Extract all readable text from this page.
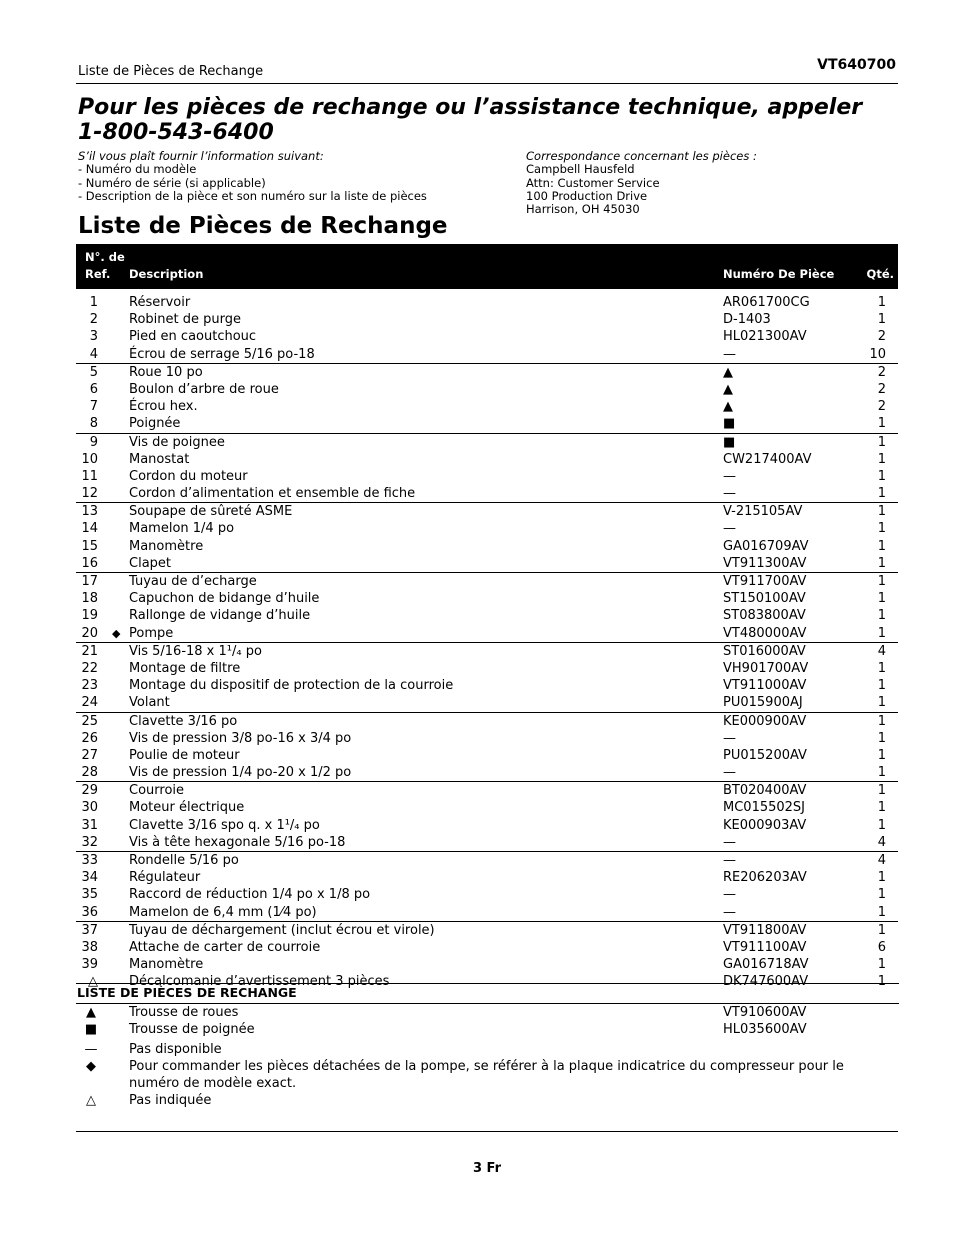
Liste de Pièces de Rechange	VT640700
Pour les pièces de rechange ou l’assistance technique, appeler 1-800-543-6400
S’il vous plaît fournir l’information suivant:
- Numéro du modèle
- Numéro de série (si applicable)
- Description de la pièce et son numéro sur la liste de pièces
Correspondance concernant les pièces :
Campbell Hausfeld
Attn: Customer Service
100 Production Drive
Harrison, OH 45030
Liste de Pièces de Rechange
N°. de
Ref. Description	Numéro De Pièce	Qté.
1 Réservoir	AR061700CG	1
2 Robinet de purge	D-1403	1
3 Pied en caoutchouc	HL021300AV	2
4 Écrou de serrage 5/16 po-18	—	10
5 Roue 10 po	▲	2
6 Boulon d’arbre de roue	▲	2
7 Écrou hex.	▲	2
8 Poignée	■	1
9 Vis de poignee	■	1
10 Manostat	CW217400AV	1
11 Cordon du moteur	—	1
12 Cordon d’alimentation et ensemble de fiche	—	1
13 Soupape de sûreté ASME	V-215105AV	1
14 Mamelon 1/4 po	—	1
15 Manomètre	GA016709AV	1
16 Clapet	VT911300AV	1
17 Tuyau de d’echarge	VT911700AV	1
18 Capuchon de bidange d’huile	ST150100AV	1
19 Rallonge de vidange d’huile	ST083800AV	1
20 ◆ Pompe	VT480000AV	1
21 Vis 5/16-18 x 1¹/₄ po	ST016000AV	4
22 Montage de filtre	VH901700AV	1
23 Montage du dispositif de protection de la courroie	VT911000AV	1
24 Volant	PU015900AJ	1
25 Clavette 3/16 po	KE000900AV	1
26 Vis de pression 3/8 po-16 x 3/4 po	—	1
27 Poulie de moteur	PU015200AV	1
28 Vis de pression 1/4 po-20 x 1/2 po	—	1
29 Courroie	BT020400AV	1
30 Moteur électrique	MC015502SJ	1
31 Clavette 3/16 spo q. x 1¹/₄ po	KE000903AV	1
32 Vis à tête hexagonale 5/16 po-18	—	4
33 Rondelle 5/16 po	—	4
34 Régulateur	RE206203AV	1
35 Raccord de réduction 1/4 po x 1/8 po	—	1
36 Mamelon de 6,4 mm (1⁄4 po)	—	1
37 Tuyau de déchargement (inclut écrou et virole)	VT911800AV	1
38 Attache de carter de courroie	VT911100AV	6
39 Manomètre	GA016718AV	1
△ Décalcomanie d’avertissement 3 pièces	DK747600AV	1
LISTE DE PIÈCES DE RECHANGE
▲	Trousse de roues	VT910600AV
■ Trousse de poignée	HL035600AV
— Pas disponible
◆	Pour commander les pièces détachées de la pompe, se référer à la plaque indicatrice du compresseur pour le numéro de modèle exact.
△	Pas indiquée
3 Fr
